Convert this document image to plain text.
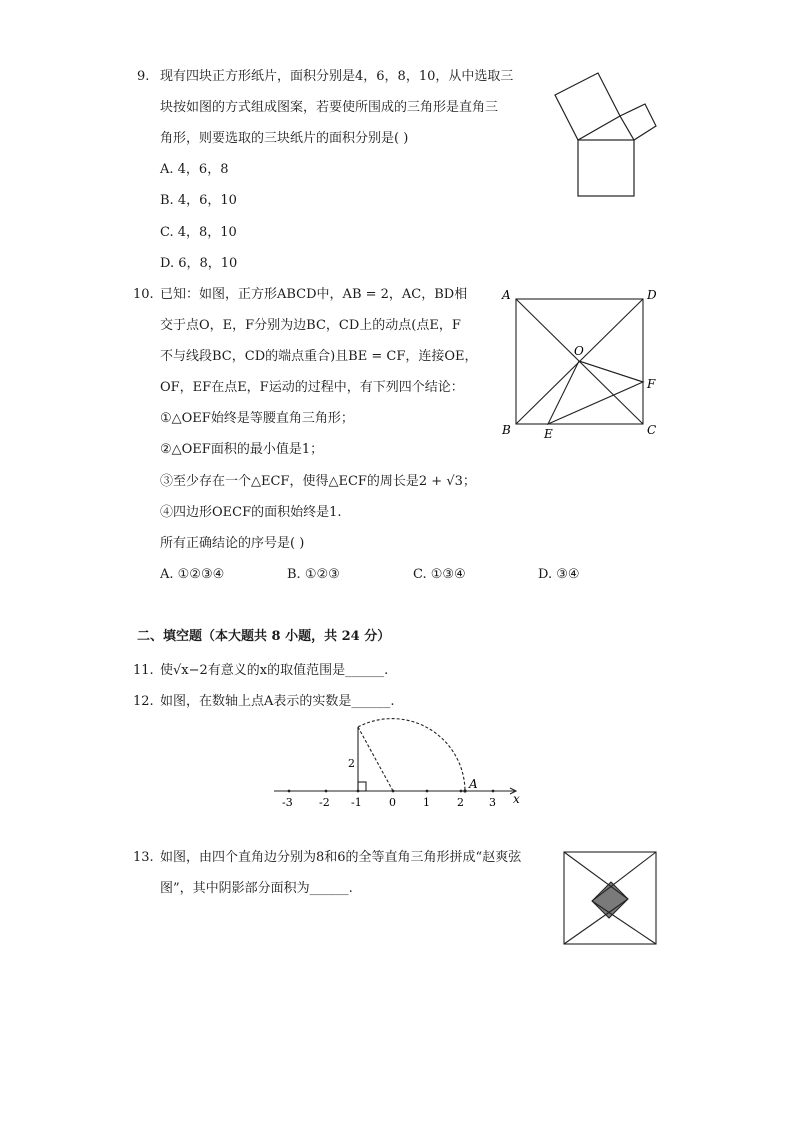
9. 现有四块正方形纸片，面积分别是4，6，8，10，从中选取三
块按如图的方式组成图案，若要使所围成的三角形是直角三
角形，则要选取的三块纸片的面积分别是( )
A. 4，6，8
B. 4，6，10
C. 4，8，10
D. 6，8，10
10. 已知：如图，正方形ABCD中，AB = 2，AC，BD相
交于点O，E，F分别为边BC，CD上的动点(点E，F
不与线段BC，CD的端点重合)且BE = CF，连接OE，
OF，EF在点E，F运动的过程中，有下列四个结论：
①△OEF始终是等腰直角三角形；
②△OEF面积的最小值是1；
③至少存在一个△ECF，使得△ECF的周长是2 + √3；
④四边形OECF的面积始终是1.
所有正确结论的序号是( )
A. ①②③④	B. ①②③	C. ①③④	D. ③④
A	D
B	C
O
E
F
二、填空题（本大题共 8 小题，共 24 分）
11. 使√x−2有意义的x的取值范围是______.
12. 如图，在数轴上点A表示的实数是______.
-3 -2 -1 0 1 2 3
2
A
x
13. 如图，由四个直角边分别为8和6的全等直角三角形拼成“赵爽弦
图”，其中阴影部分面积为______.
